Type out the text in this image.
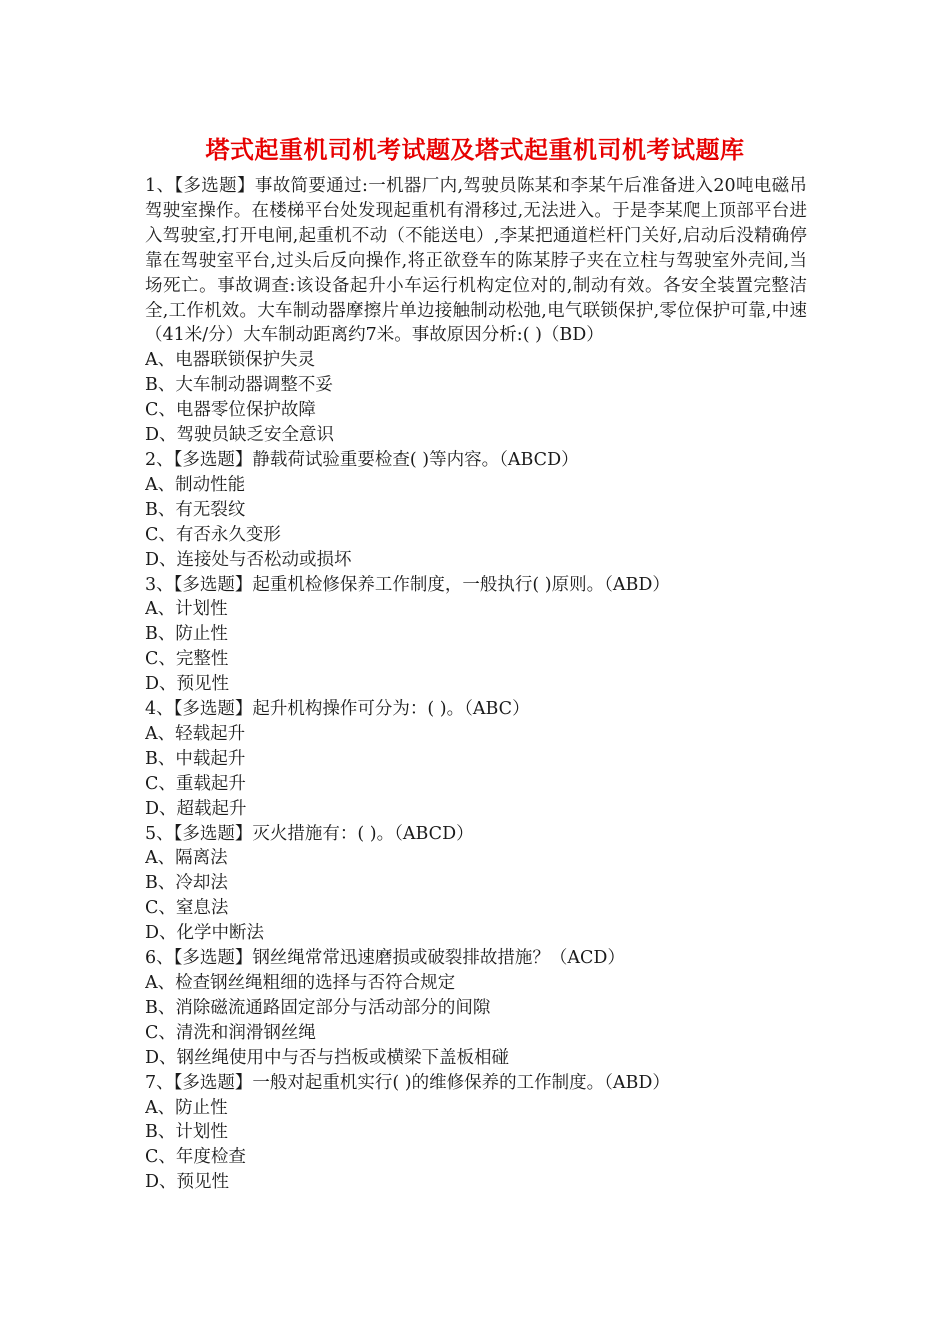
塔式起重机司机考试题及塔式起重机司机考试题库
1、【多选题】事故简要通过:一机器厂内,驾驶员陈某和李某午后准备进入20吨电磁吊驾驶室操作。在楼梯平台处发现起重机有滑移过,无法进入。于是李某爬上顶部平台进入驾驶室,打开电闸,起重机不动（不能送电）,李某把通道栏杆门关好,启动后没精确停靠在驾驶室平台,过头后反向操作,将正欲登车的陈某脖子夹在立柱与驾驶室外壳间,当场死亡。事故调查:该设备起升小车运行机构定位对的,制动有效。各安全装置完整洁全,工作机效。大车制动器摩擦片单边接触制动松弛,电气联锁保护,零位保护可靠,中速（41米/分）大车制动距离约7米。事故原因分析:( )（BD）
A、电器联锁保护失灵
B、大车制动器调整不妥
C、电器零位保护故障
D、驾驶员缺乏安全意识
2、【多选题】静载荷试验重要检查( )等内容。（ABCD）
A、制动性能
B、有无裂纹
C、有否永久变形
D、连接处与否松动或损坏
3、【多选题】起重机检修保养工作制度，一般执行( )原则。（ABD）
A、计划性
B、防止性
C、完整性
D、预见性
4、【多选题】起升机构操作可分为：( )。（ABC）
A、轻载起升
B、中载起升
C、重载起升
D、超载起升
5、【多选题】灭火措施有：( )。（ABCD）
A、隔离法
B、冷却法
C、窒息法
D、化学中断法
6、【多选题】钢丝绳常常迅速磨损或破裂排故措施？（ACD）
A、检查钢丝绳粗细的选择与否符合规定
B、消除磁流通路固定部分与活动部分的间隙
C、清洗和润滑钢丝绳
D、钢丝绳使用中与否与挡板或横梁下盖板相碰
7、【多选题】一般对起重机实行( )的维修保养的工作制度。（ABD）
A、防止性
B、计划性
C、年度检查
D、预见性
